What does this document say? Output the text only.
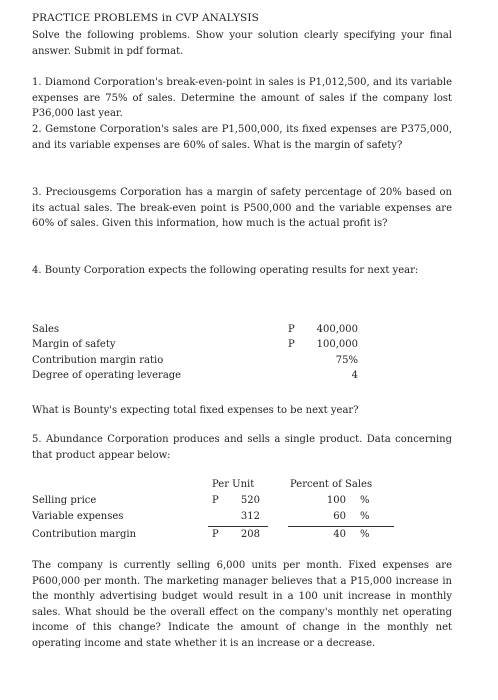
PRACTICE PROBLEMS in CVP ANALYSIS

Solve the following problems. Show your solution clearly specifying your final answer. Submit in pdf format.

1. Diamond Corporation's break-even-point in sales is P1,012,500, and its variable expenses are 75% of sales. Determine the amount of sales if the company lost P36,000 last year.

2. Gemstone Corporation's sales are P1,500,000, its fixed expenses are P375,000, and its variable expenses are 60% of sales. What is the margin of safety?

3. Preciousgems Corporation has a margin of safety percentage of 20% based on its actual sales. The break-even point is P500,000 and the variable expenses are 60% of sales. Given this information, how much is the actual profit is?

4. Bounty Corporation expects the following operating results for next year:

Sales	P	400,000
Margin of safety	P	100,000
Contribution margin ratio		75%
Degree of operating leverage		4

What is Bounty's expecting total fixed expenses to be next year?

5. Abundance Corporation produces and sells a single product. Data concerning that product appear below:

Per Unit	Percent of Sales
Selling price	P	520	100 %
Variable expenses	312	60 %
Contribution margin	P	208	40 %

The company is currently selling 6,000 units per month. Fixed expenses are P600,000 per month. The marketing manager believes that a P15,000 increase in the monthly advertising budget would result in a 100 unit increase in monthly sales. What should be the overall effect on the company's monthly net operating income of this change? Indicate the amount of change in the monthly net operating income and state whether it is an increase or a decrease.
